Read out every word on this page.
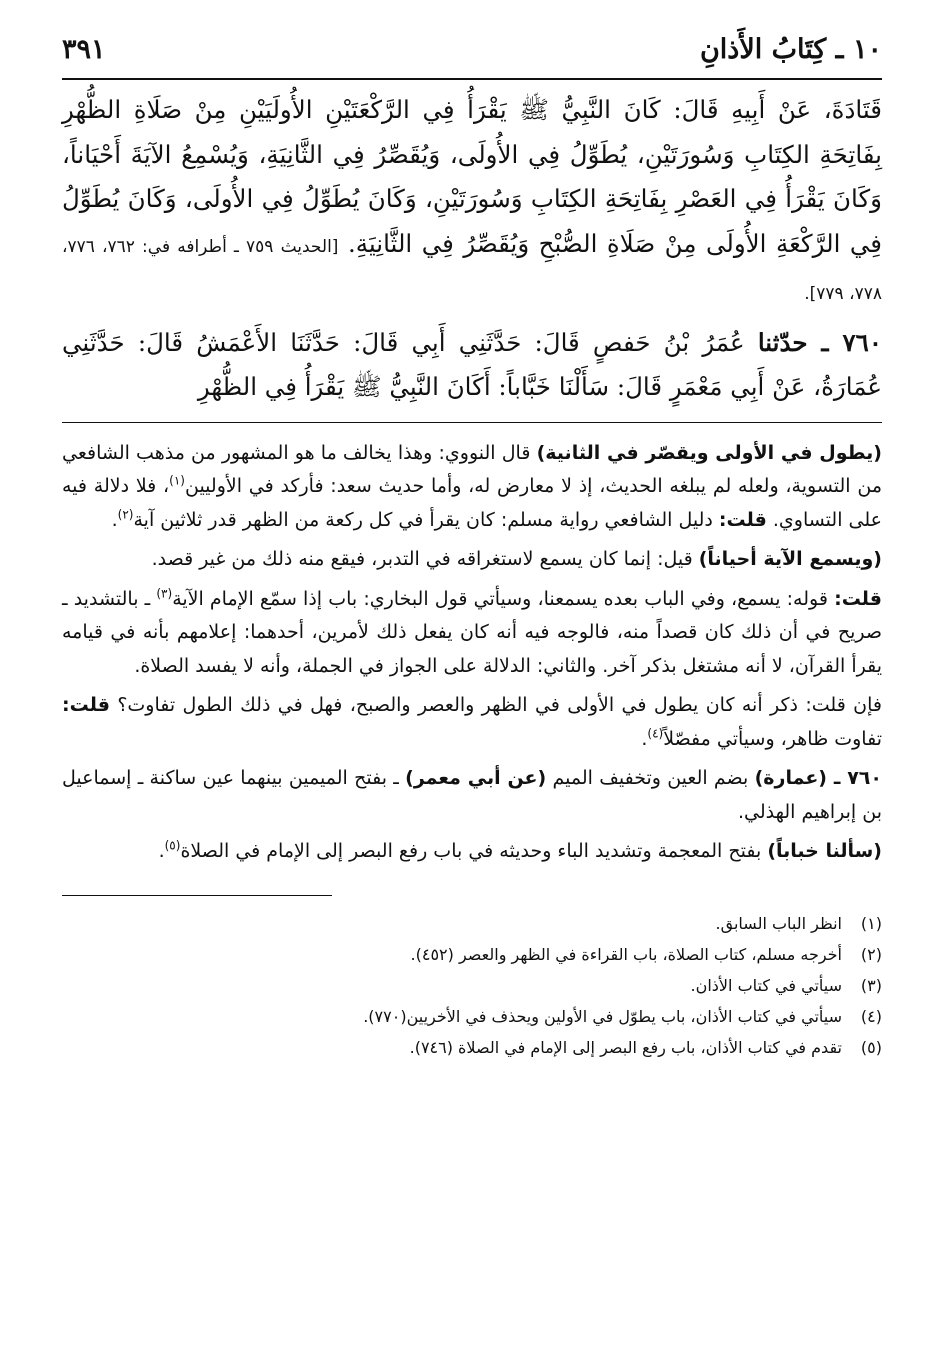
١٠ ـ كِتَابُ الأَذانِ
٣٩١

قَتَادَةَ، عَنْ أَبِيهِ قَالَ: كَانَ النَّبِيُّ ﷺ يَقْرَأُ فِي الرَّكْعَتَيْنِ الأُولَيَيْنِ مِنْ صَلَاةِ الظُّهْرِ بِفَاتِحَةِ الكِتَابِ وَسُورَتَيْنِ، يُطَوِّلُ فِي الأُولَى، وَيُقَصِّرُ فِي الثَّانِيَةِ، وَيُسْمِعُ الآيَةَ أَحْيَاناً، وَكَانَ يَقْرَأُ فِي العَصْرِ بِفَاتِحَةِ الكِتَابِ وَسُورَتَيْنِ، وَكَانَ يُطَوِّلُ فِي الأُولَى، وَكَانَ يُطَوِّلُ فِي الرَّكْعَةِ الأُولَى مِنْ صَلَاةِ الصُّبْحِ وَيُقَصِّرُ فِي الثَّانِيَةِ. [الحديث ٧٥٩ ـ أطرافه في: ٧٦٢، ٧٧٦، ٧٧٨، ٧٧٩].

٧٦٠ ـ حدّثنا عُمَرُ بْنُ حَفصٍ قَالَ: حَدَّثَنِي أَبِي قَالَ: حَدَّثَنَا الأَعْمَشُ قَالَ: حَدَّثَنِي عُمَارَةُ، عَنْ أَبِي مَعْمَرٍ قَالَ: سَأَلْنَا خَبَّاباً: أَكَانَ النَّبِيُّ ﷺ يَقْرَأُ فِي الظُّهْرِ

(يطول في الأولى ويقصّر في الثانية) قال النووي: وهذا يخالف ما هو المشهور من مذهب الشافعي من التسوية، ولعله لم يبلغه الحديث، إذ لا معارض له، وأما حديث سعد: فأركد في الأوليين$^{(١)}$، فلا دلالة فيه على التساوي. قلت: دليل الشافعي رواية مسلم: كان يقرأ في كل ركعة من الظهر قدر ثلاثين آية$^{(٢)}$.

(ويسمع الآية أحياناً) قيل: إنما كان يسمع لاستغراقه في التدبر، فيقع منه ذلك من غير قصد.

قلت: قوله: يسمع، وفي الباب بعده يسمعنا، وسيأتي قول البخاري: باب إذا سمّع الإمام الآية$^{(٣)}$ ـ بالتشديد ـ صريح في أن ذلك كان قصداً منه، فالوجه فيه أنه كان يفعل ذلك لأمرين، أحدهما: إعلامهم بأنه في قيامه يقرأ القرآن، لا أنه مشتغل بذكر آخر. والثاني: الدلالة على الجواز في الجملة، وأنه لا يفسد الصلاة.

فإن قلت: ذكر أنه كان يطول في الأولى في الظهر والعصر والصبح، فهل في ذلك الطول تفاوت؟ قلت: تفاوت ظاهر، وسيأتي مفصّلاً$^{(٤)}$.

٧٦٠ ـ (عمارة) بضم العين وتخفيف الميم (عن أبي معمر) ـ بفتح الميمين بينهما عين ساكنة ـ إسماعيل بن إبراهيم الهذلي.

(سألنا خباباً) بفتح المعجمة وتشديد الباء وحديثه في باب رفع البصر إلى الإمام في الصلاة$^{(٥)}$.

(١)
انظر الباب السابق.
(٢)
أخرجه مسلم، كتاب الصلاة، باب القراءة في الظهر والعصر (٤٥٢).
(٣)
سيأتي في كتاب الأذان.
(٤)
سيأتي في كتاب الأذان، باب يطوّل في الأولين ويحذف في الأخريين(٧٧٠).
(٥)
تقدم في كتاب الأذان، باب رفع البصر إلى الإمام في الصلاة (٧٤٦).
